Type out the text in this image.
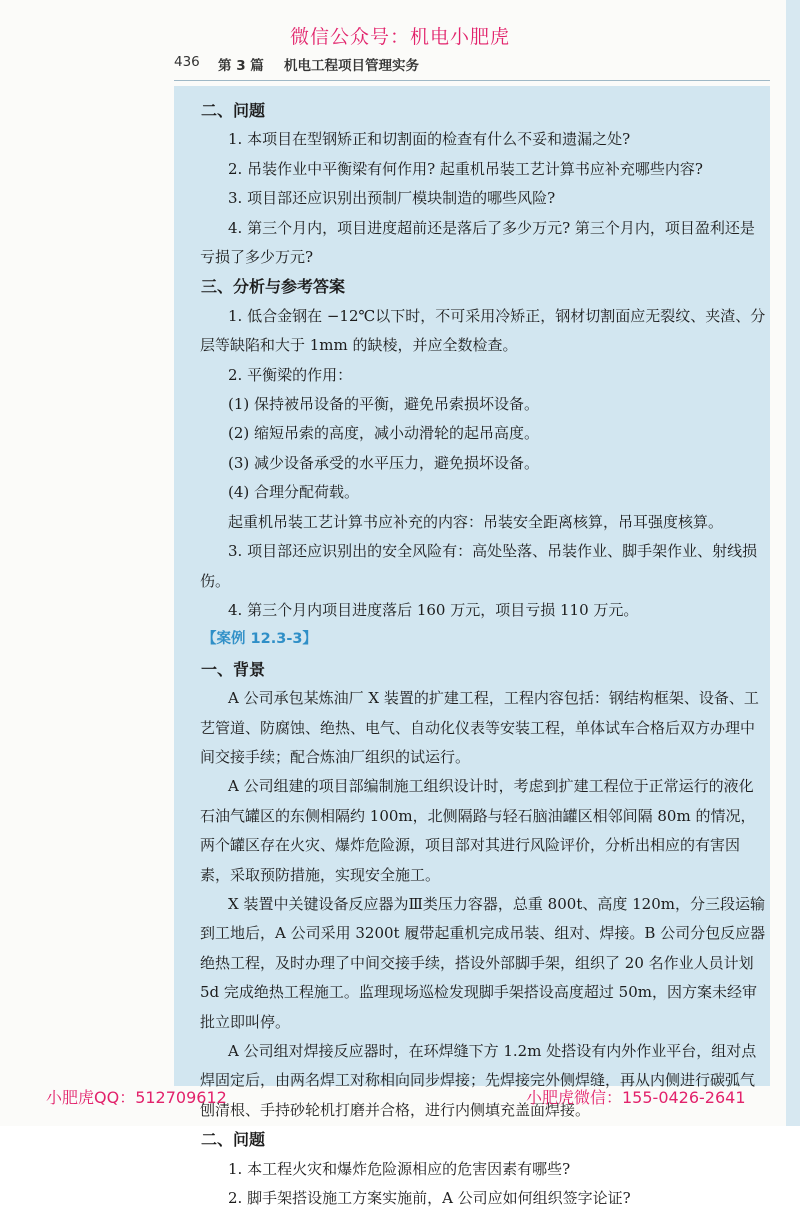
微信公众号：机电小肥虎
436 第 3 篇 机电工程项目管理实务

二、问题

1. 本项目在型钢矫正和切割面的检查有什么不妥和遗漏之处?

2. 吊装作业中平衡梁有何作用? 起重机吊装工艺计算书应补充哪些内容?

3. 项目部还应识别出预制厂模块制造的哪些风险?

4. 第三个月内，项目进度超前还是落后了多少万元? 第三个月内，项目盈利还是亏损了多少万元?

三、分析与参考答案

1. 低合金钢在 −12℃以下时，不可采用冷矫正，钢材切割面应无裂纹、夹渣、分层等缺陷和大于 1mm 的缺棱，并应全数检查。

2. 平衡梁的作用：

(1) 保持被吊设备的平衡，避免吊索损坏设备。

(2) 缩短吊索的高度，减小动滑轮的起吊高度。

(3) 减少设备承受的水平压力，避免损坏设备。

(4) 合理分配荷载。

起重机吊装工艺计算书应补充的内容：吊装安全距离核算，吊耳强度核算。

3. 项目部还应识别出的安全风险有：高处坠落、吊装作业、脚手架作业、射线损伤。

4. 第三个月内项目进度落后 160 万元，项目亏损 110 万元。

【案例 12.3-3】

一、背景

A 公司承包某炼油厂 X 装置的扩建工程，工程内容包括：钢结构框架、设备、工艺管道、防腐蚀、绝热、电气、自动化仪表等安装工程，单体试车合格后双方办理中间交接手续；配合炼油厂组织的试运行。

A 公司组建的项目部编制施工组织设计时，考虑到扩建工程位于正常运行的液化石油气罐区的东侧相隔约 100m，北侧隔路与轻石脑油罐区相邻间隔 80m 的情况，两个罐区存在火灾、爆炸危险源，项目部对其进行风险评价，分析出相应的有害因素，采取预防措施，实现安全施工。

X 装置中关键设备反应器为Ⅲ类压力容器，总重 800t、高度 120m，分三段运输到工地后，A 公司采用 3200t 履带起重机完成吊装、组对、焊接。B 公司分包反应器绝热工程，及时办理了中间交接手续，搭设外部脚手架，组织了 20 名作业人员计划 5d 完成绝热工程施工。监理现场巡检发现脚手架搭设高度超过 50m，因方案未经审批立即叫停。

A 公司组对焊接反应器时，在环焊缝下方 1.2m 处搭设有内外作业平台，组对点焊固定后，由两名焊工对称相向同步焊接；先焊接完外侧焊缝，再从内侧进行碳弧气刨清根、手持砂轮机打磨并合格，进行内侧填充盖面焊接。

二、问题

1. 本工程火灾和爆炸危险源相应的危害因素有哪些?

2. 脚手架搭设施工方案实施前，A 公司应如何组织签字论证?

小肥虎QQ：512709612	小肥虎微信：155-0426-2641
